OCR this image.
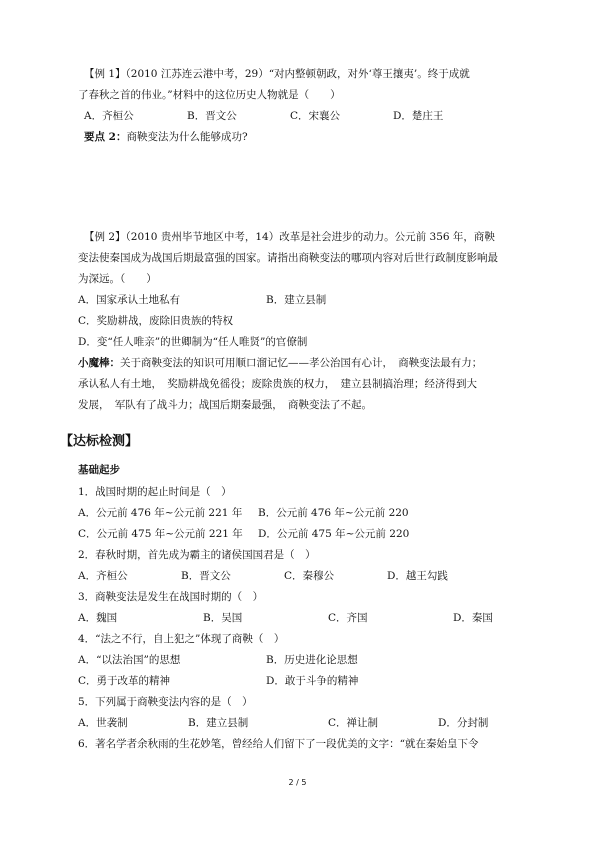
【例 1】（2010 江苏连云港中考，29）“对内整顿朝政，对外‘尊王攘夷’。终于成就
了春秋之首的伟业。”材料中的这位历史人物就是（　　）
A．齐桓公	B．晋文公	C．宋襄公	D．楚庄王
要点 2：商鞅变法为什么能够成功?
【例 2】（2010 贵州毕节地区中考，14）改革是社会进步的动力。公元前 356 年，商鞅
变法使秦国成为战国后期最富强的国家。请指出商鞅变法的哪项内容对后世行政制度影响最
为深远。（　　）
A．国家承认土地私有	B．建立县制
C．奖励耕战，废除旧贵族的特权
D．变“任人唯亲”的世卿制为“任人唯贤”的官僚制
小魔棒：关于商鞅变法的知识可用顺口溜记忆——孝公治国有心计，　商鞅变法最有力；
承认私人有土地，　奖励耕战免徭役；废除贵族的权力，　建立县制搞治理；经济得到大
发展，　军队有了战斗力；战国后期秦最强，　商鞅变法了不起。
【达标检测】
基础起步
1．战国时期的起止时间是（　）
A．公元前 476 年~公元前 221 年 B．公元前 476 年~公元前 220
C．公元前 475 年~公元前 221 年 D．公元前 475 年~公元前 220
2．春秋时期，首先成为霸主的诸侯国国君是（　）
A．齐桓公	B．晋文公	C．秦穆公	D．越王勾践
3．商鞅变法是发生在战国时期的（　）
A．魏国	B．吴国	C．齐国	D．秦国
4．“法之不行，自上犯之”体现了商鞅（　）
A．“以法治国”的思想	B．历史进化论思想
C．勇于改革的精神	D．敢于斗争的精神
5．下列属于商鞅变法内容的是（　）
A．世袭制	B．建立县制	C．禅让制	D．分封制
6．著名学者余秋雨的生花妙笔，曾经给人们留下了一段优美的文字：“就在秦始皇下令
2 / 5
